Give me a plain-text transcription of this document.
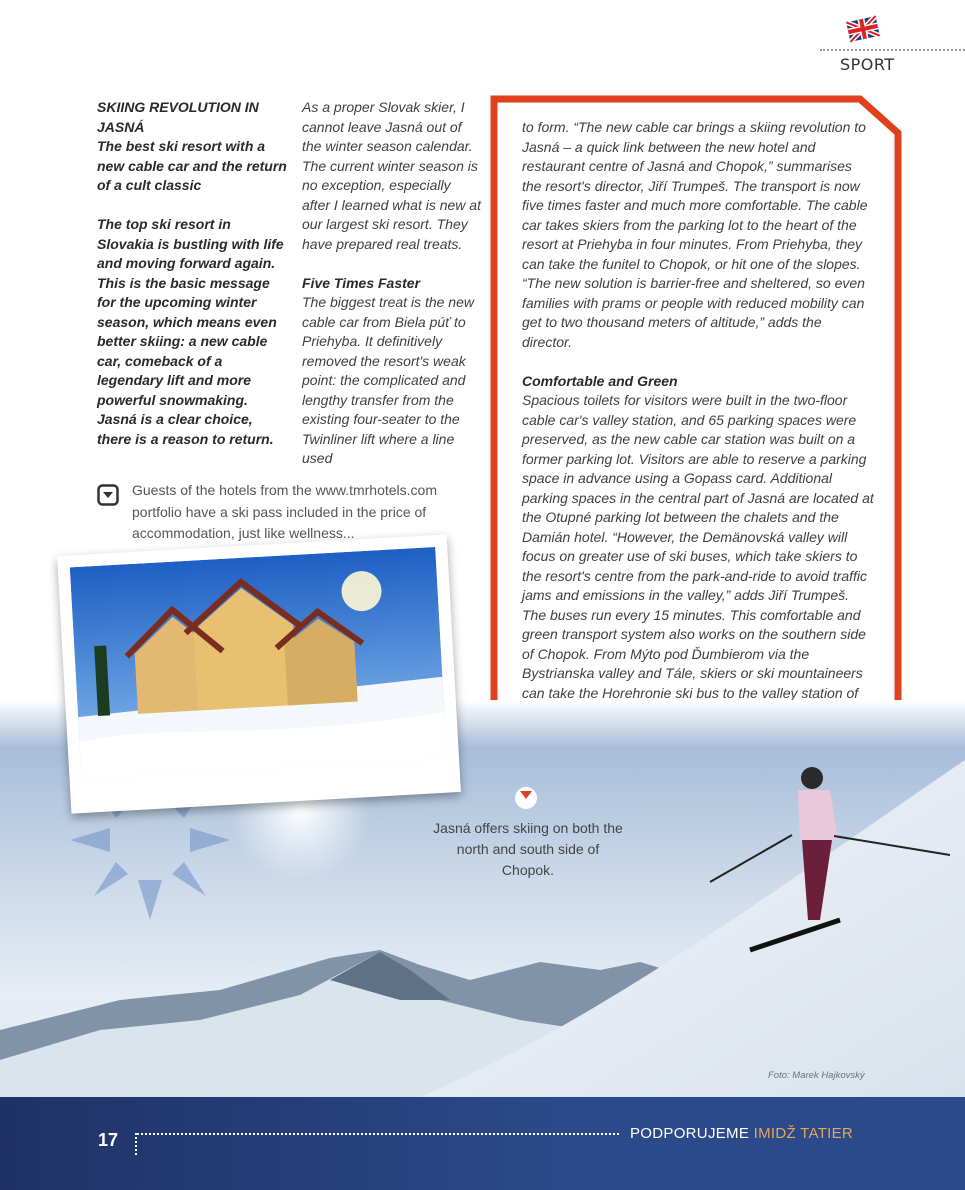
SPORT

SKIING REVOLUTION IN JASNÁ

The best ski resort with a new cable car and the return of a cult classic

The top ski resort in Slovakia is bustling with life and moving forward again. This is the basic message for the upcoming winter season, which means even better skiing: a new cable car, comeback of a legendary lift and more powerful snowmaking. Jasná is a clear choice, there is a reason to return.

As a proper Slovak skier, I cannot leave Jasná out of the winter season calendar. The current winter season is no exception, especially after I learned what is new at our largest ski resort. They have prepared real treats.

Five Times Faster

The biggest treat is the new cable car from Biela púť to Priehyba. It definitively removed the resort's weak point: the complicated and lengthy transfer from the existing four-seater to the Twinliner lift where a line used

to form. “The new cable car brings a skiing revolution to Jasná – a quick link between the new hotel and restaurant centre of Jasná and Chopok,” summarises the resort's director, Jiří Trumpeš. The transport is now five times faster and much more comfortable. The cable car takes skiers from the parking lot to the heart of the resort at Priehyba in four minutes. From Priehyba, they can take the funitel to Chopok, or hit one of the slopes. “The new solution is barrier-free and sheltered, so even families with prams or people with reduced mobility can get to two thousand meters of altitude,” adds the director.

Comfortable and Green

Spacious toilets for visitors were built in the two-floor cable car's valley station, and 65 parking spaces were preserved, as the new cable car station was built on a former parking lot. Visitors are able to reserve a parking space in advance using a Gopass card. Additional parking spaces in the central part of Jasná are located at the Otupné parking lot between the chalets and the Damián hotel. “However, the Demänovská valley will focus on greater use of ski buses, which take skiers to the resort's centre from the park-and-ride to avoid traffic jams and emissions in the valley,” adds Jiří Trumpeš. The buses run every 15 minutes. This comfortable and green transport system also works on the southern side of Chopok. From Mýto pod Ďumbierom via the Bystrianska valley and Tále, skiers or ski mountaineers can take the Horehronie ski bus to the valley station of

Guests of the hotels from the www.tmrhotels.com portfolio have a ski pass included in the price of accommodation, just like wellness...
Jasná offers skiing on both the north and south side of Chopok.
Foto: Marek Hajkovský
17	PODPORUJEME IMIDŽ TATIER
